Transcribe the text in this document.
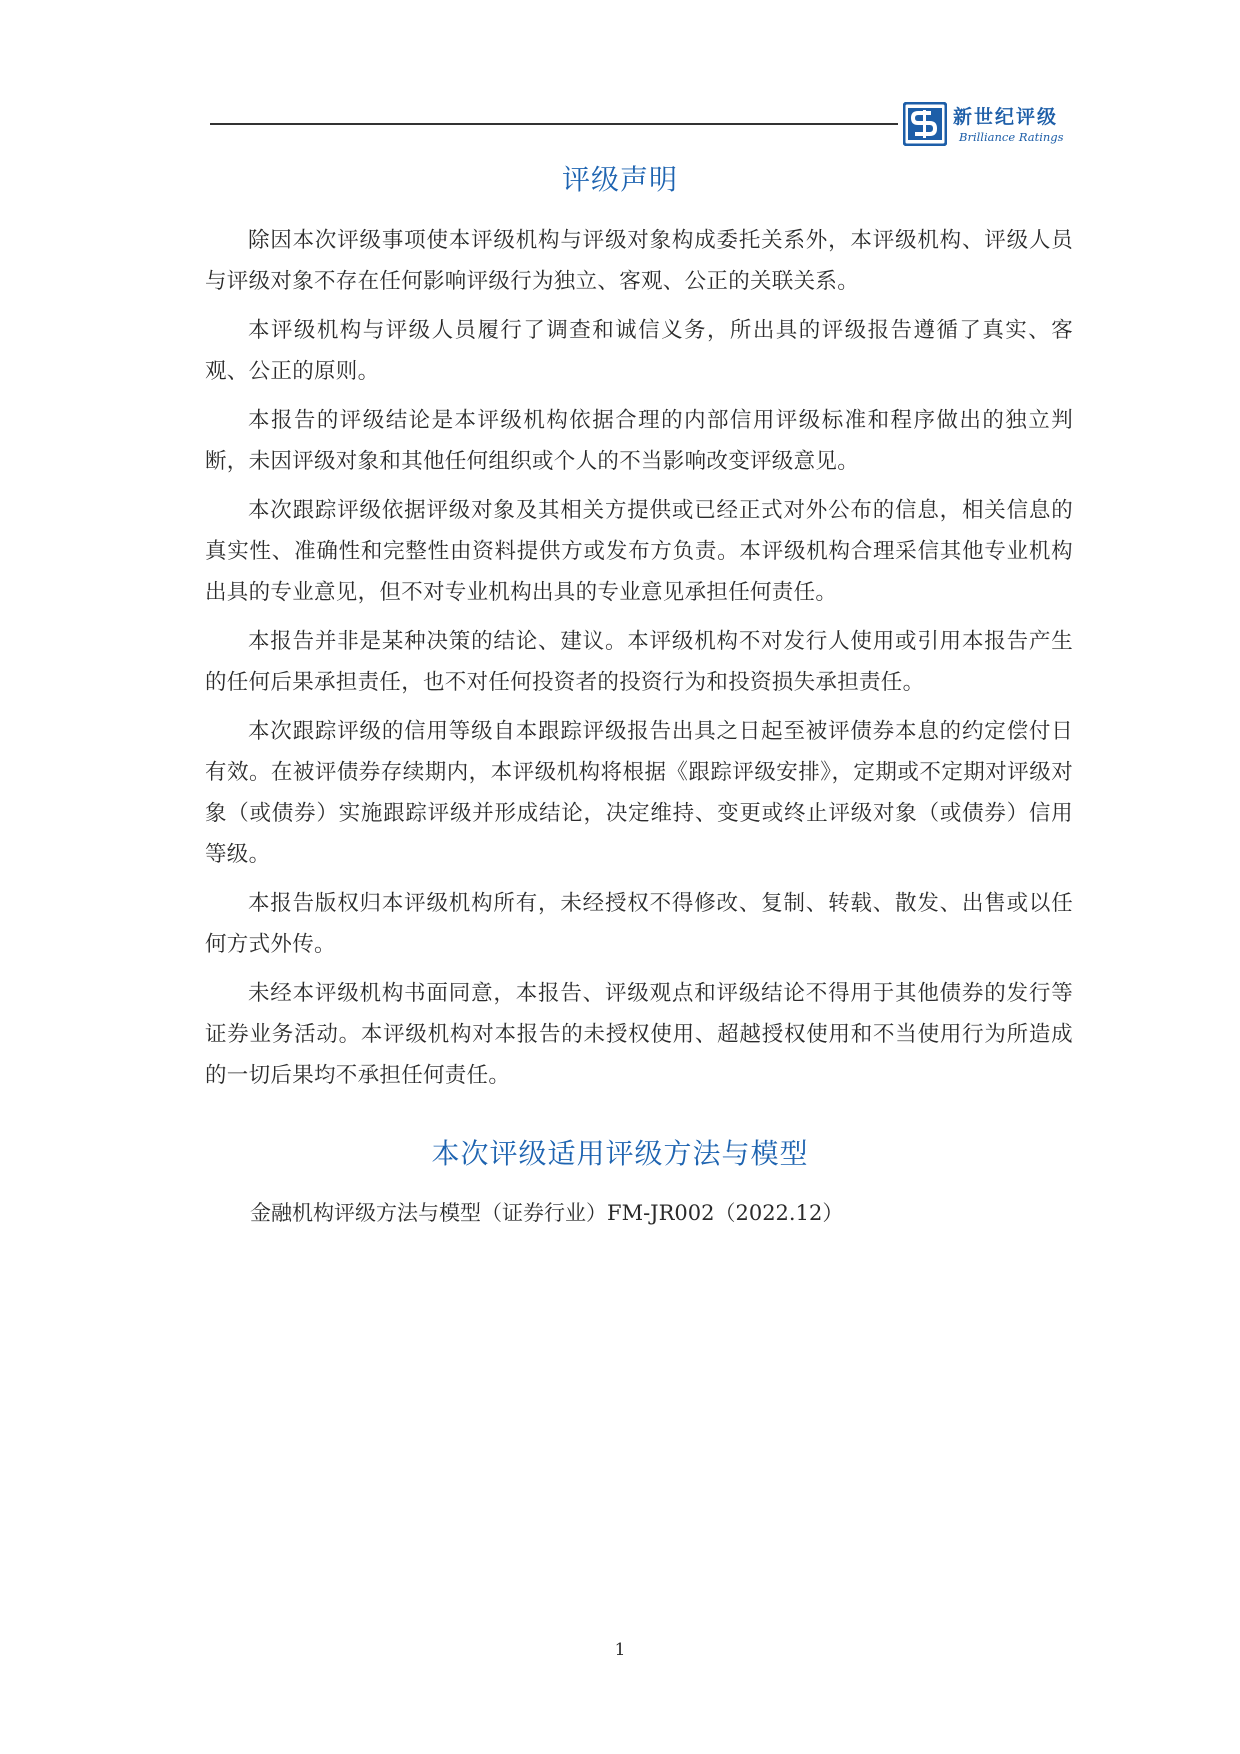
新世纪评级
Brilliance Ratings
评级声明

除因本次评级事项使本评级机构与评级对象构成委托关系外，本评级机构、评级人员与评级对象不存在任何影响评级行为独立、客观、公正的关联关系。

本评级机构与评级人员履行了调查和诚信义务，所出具的评级报告遵循了真实、客观、公正的原则。

本报告的评级结论是本评级机构依据合理的内部信用评级标准和程序做出的独立判断，未因评级对象和其他任何组织或个人的不当影响改变评级意见。

本次跟踪评级依据评级对象及其相关方提供或已经正式对外公布的信息，相关信息的真实性、准确性和完整性由资料提供方或发布方负责。本评级机构合理采信其他专业机构出具的专业意见，但不对专业机构出具的专业意见承担任何责任。

本报告并非是某种决策的结论、建议。本评级机构不对发行人使用或引用本报告产生的任何后果承担责任，也不对任何投资者的投资行为和投资损失承担责任。

本次跟踪评级的信用等级自本跟踪评级报告出具之日起至被评债券本息的约定偿付日有效。在被评债券存续期内，本评级机构将根据《跟踪评级安排》，定期或不定期对评级对象（或债券）实施跟踪评级并形成结论，决定维持、变更或终止评级对象（或债券）信用等级。

本报告版权归本评级机构所有，未经授权不得修改、复制、转载、散发、出售或以任何方式外传。

未经本评级机构书面同意，本报告、评级观点和评级结论不得用于其他债券的发行等证券业务活动。本评级机构对本报告的未授权使用、超越授权使用和不当使用行为所造成的一切后果均不承担任何责任。

本次评级适用评级方法与模型
金融机构评级方法与模型（证券行业）FM-JR002（2022.12）
1
